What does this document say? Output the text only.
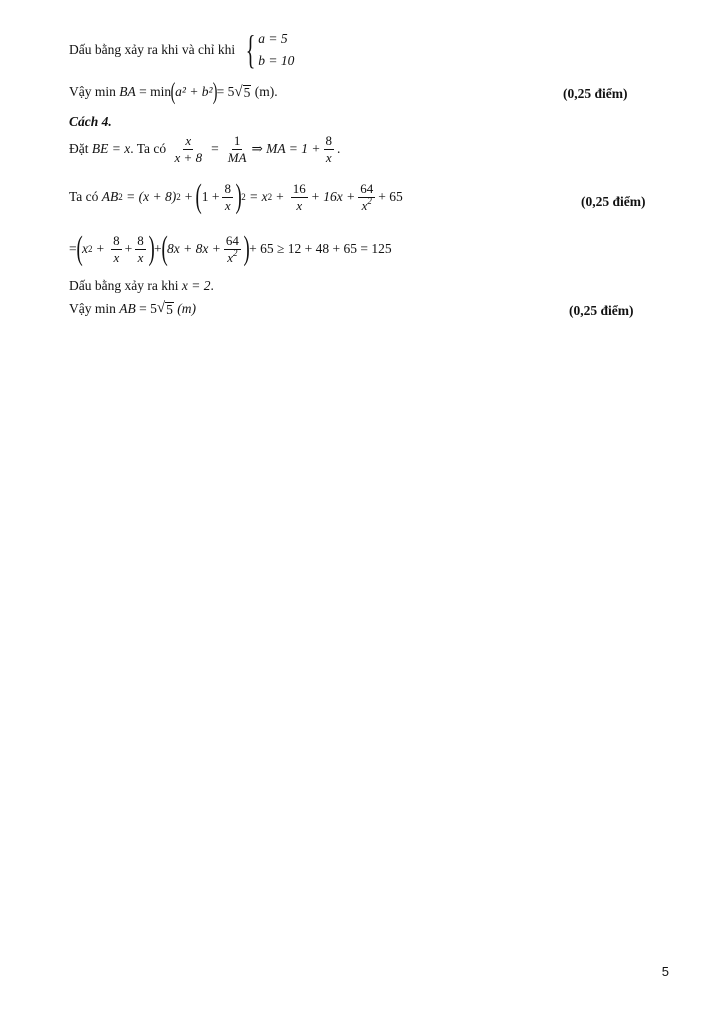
Dấu bằng xảy ra khi và chỉ khi { a = 5
b = 10
Vậy
min
BA
= min ( a² + b² ) = 5 √ 5
(m).	(0,25 điểm)
Cách 4.
Đặt
BE = x . Ta có
$\frac{x}{x + 8} = \frac{1}{MA}$ ⇒
MA = $1 + \frac{8}{x}$ .
Ta có
AB 2
= (x + 8) 2 + ( $1 + \frac{8}{x}$ ) 2
= x $2 + \frac{16}{x} + 16x + \frac{64}{x^2} + 65$	(0,25 điểm)
= ( x $2 + \frac{8}{x} + \frac{8}{x}$ ) + ( $8x + 8x + \frac{64}{x^2}$ ) + 65 ≥ 12 + 48 + 65 = 125
Dấu bằng xảy ra khi
x = 2 .
Vậy
min
AB
= 5 √ 5
(m)	(0,25 điểm)
5
